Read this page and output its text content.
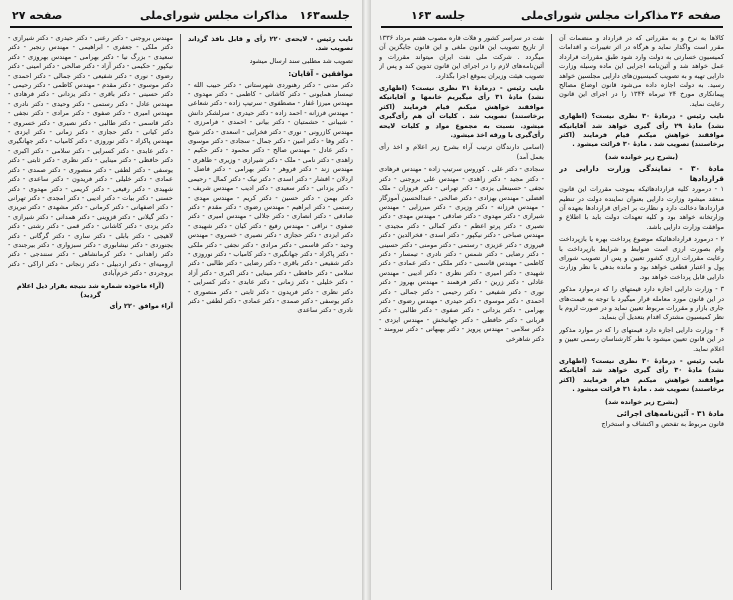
صفحه ۲۷	مذاکرات مجلس شورای‌ملی جلسه۱۶۳

نایب رئیس - لایحه‌ی ۲۲۰ رأی و قابل نافذ گرداند تصویب شد.

تصویب شد مطلبی سند ارسال میشود

موافقین - آقایان:

دکتر مدنی - دکتر رهنوردی شهرستانی - دکتر حبیب الله - تیمسار همایونی - دکتر کاشانی - کاظمی - دکتر مهدوی - مهندس میرزا غفار - مصطفوی - سرتیپ زاده - دکتر شعاعی - مهندس فرزانه - احمد زاده - دکتر حیدری - سرلشکر دانش - شیبانی - حشمتیان - دکتر بیانی - احمدی - فرامرزی - مهندس کازرونی - نوری - دکتر فخرایی - اسعدی - دکتر شیخ - دکتر وفا - دکتر امین - دکتر جمال - سجادی - دکتر موسوی - دکتر عادل - مهندس صالح - دکتر محمود - دکتر حکیم - زاهدی - دکتر نامی - ملک - دکتر شیرازی - وزیری - طاهری - مهندس زند - دکتر فروهر - دکتر بهرامی - دکتر فاضل - اردلان - افشار - دکتر اسدی - دکتر نیک - دکتر کمال - رحیمی - دکتر یزدانی - دکتر سعیدی - دکتر ادیب - مهندس شریف - دکتر بهمن - دکتر حسین - دکتر کریم - مهندس مهدی - رستمی - دکتر ابراهیم - مهندس رضوی - دکتر مقدم - دکتر صادقی - دکتر انصاری - دکتر جلالی - مهندس امیری - دکتر صفوی - نراقی - مهندس رفیع - دکتر کیان - دکتر شهیدی - دکتر ایزدی - دکتر حجازی - دکتر نصیری - خسروی - مهندس وحید - دکتر قاسمی - دکتر مرادی - دکتر نجفی - دکتر ملکی - دکتر پاکزاد - دکتر جهانگیری - دکتر کامیاب - دکتر نوروزی - دکتر شفیعی - دکتر باقری - دکتر رضایی - دکتر طالبی - دکتر سلامی - دکتر حافظی - دکتر مینایی - دکتر اکبری - دکتر آزاد - دکتر خلیلی - دکتر زمانی - دکتر عابدی - دکتر کسرایی - دکتر نظری - دکتر فریدون - دکتر ثابتی - دکتر منصوری - دکتر یوسفی - دکتر صمدی - دکتر عمادی - دکتر لطفی - دکتر نادری - دکتر ساعدی

مهندس بروجنی - دکتر رعنی - دکتر حیدری - دکتر شیرازی - دکتر ملکی - جعفری - ابراهیمی - مهندس رنجبر - دکتر سعیدی - بزرگ نیا - دکتر بهرامی - مهندس بهروزی - دکتر نیکپور - حکیمی - دکتر آزاد - دکتر صالحی - دکتر امینی - دکتر رضوی - نوری - دکتر شفیعی - دکتر جمالی - دکتر احمدی - دکتر موسوی - دکتر مقدم - مهندس کاظمی - دکتر رحیمی - دکتر حسینی - دکتر باقری - دکتر یزدانی - دکتر فرهادی - مهندس عادل - دکتر رستمی - دکتر وحیدی - دکتر نادری - مهندس امیری - دکتر صفوی - دکتر مرادی - دکتر نجفی - دکتر قاسمی - دکتر طالبی - دکتر نصیری - دکتر خسروی - دکتر کیانی - دکتر حجازی - دکتر زمانی - دکتر ایزدی - مهندس پاکزاد - دکتر نوروزی - دکتر کامیاب - دکتر جهانگیری - دکتر عابدی - دکتر کسرایی - دکتر سلامی - دکتر اکبری - دکتر حافظی - دکتر مینایی - دکتر نظری - دکتر ثابتی - دکتر یوسفی - دکتر لطفی - دکتر منصوری - دکتر صمدی - دکتر عمادی - دکتر خلیلی - دکتر فریدون - دکتر ساعدی - دکتر شهیدی - دکتر رفیعی - دکتر کریمی - دکتر مهدوی - دکتر حسنی - دکتر بیات - دکتر ادیبی - دکتر امجدی - دکتر تهرانی - دکتر اصفهانی - دکتر کرمانی - دکتر مشهدی - دکتر تبریزی - دکتر گیلانی - دکتر قزوینی - دکتر همدانی - دکتر شیرازی - دکتر یزدی - دکتر کاشانی - دکتر قمی - دکتر رشتی - دکتر لاهیجی - دکتر بابلی - دکتر ساری - دکتر گرگانی - دکتر بجنوردی - دکتر نیشابوری - دکتر سبزواری - دکتر بیرجندی - دکتر زاهدانی - دکتر کرمانشاهی - دکتر سنندجی - دکتر ارومیه‌ای - دکتر اردبیلی - دکتر زنجانی - دکتر اراکی - دکتر بروجردی - دکتر خرم‌آبادی

(آراء ماخوذه شماره شد نتیجه بقرار ذیل اعلام گردید)

آراء موافق ۲۲۰ رأی

صفحه ۳۶
مذاکرات مجلس شورای‌ملی
جلسه ۱۶۳

کالاها به نرخ و به مقرراتی که در قرارداد و منضمات آن مقرر است واگذار نماید و هرگاه در اثر تغییرات و اقدامات کمیسیون خسارتی به دولت وارد شود طبق مقررات قرارداد عمل خواهد شد و آئین‌نامه اجرایی این ماده وسیله وزارت دارایی تهیه و به تصویب کمیسیون‌های دارایی مجلسین خواهد رسید. به دولت اجازه داده می‌شود قانون اوضاع مصالح پیمانکاری مورخ ۲۴ تیرماه ۱۳۴۴ را در اجرای این قانون رعایت نماید.

نایب رئیس - درمادۀ ۳۰ نظری نیست؟ (اظهاری نشد) مادۀ ۲۹ رأی گیری خواهد شد آقایانیکه موافقند خواهش میکنم قیام فرمایند (اکثر برخاستند) تصویب شد . مادۀ ۳۰ قرائت میشود .

(بشرح زیر خوانده شد)

مادۀ ۳۰ - نمایندگی وزارت دارایی در قراردادها

۱ - درمورد کلیه قراردادهائیکه بموجب مقررات این قانون منعقد میشود وزارت دارایی بعنوان نماینده دولت در تنظیم قراردادها دخالت دارد و نظارت بر اجرای قراردادها بعهده آن وزارتخانه خواهد بود و کلیه تعهدات دولت باید با اطلاع و موافقت وزارت دارایی باشد.

۲ - درمورد قراردادهائیکه موضوع پرداخت بهره یا بازپرداخت وام بصورت ارزی است ضوابط و شرایط بازپرداخت با رعایت مقررات ارزی کشور تعیین و پس از تصویب شورای پول و اعتبار قطعی خواهد بود و مانده بدهی با نظر وزارت دارایی قابل پرداخت خواهد بود.

۳ - وزارت دارایی اجازه دارد قیمتهای را که درموارد مذکور در این قانون مورد معامله قرار میگیرد با توجه به قیمت‌های جاری بازار و مقررات مربوط تعیین نماید و در صورت لزوم با نظر کمیسیون مشترک اقدام بتعدیل آن بنماید.

۴ - وزارت دارایی اجازه دارد قیمتهای را که در موارد مذکور در این قانون تعیین میشود با نظر کارشناسان رسمی تعیین و اعلام نماید.

نایب رئیس - درمادۀ ۳۰ نظری نیست؟ (اظهاری نشد) مادۀ ۳۰ رأی گیری خواهد شد آقایانیکه موافقند خواهش میکنم قیام فرمایند (اکثر برخاستند) تصویب شد . مادۀ ۳۱ قرائت میشود .

(بشرح زیر خوانده شد)

مادۀ ۳۱ - آئین‌نامه‌های اجرائی

قانون مربوط به تفحص و اکتشاف و استخراج

نفت در سراسر کشور و فلات قاره مصوب هفتم مرداد ۱۳۳۶ از تاریخ تصویب این قانون ملغی و این قانون جایگزین آن میگردد . شرکت ملی نفت ایران میتواند مقررات و آئین‌نامه‌های لازم را در اجرای این قانون تدوین کند و پس از تصویب هیئت وزیران بموقع اجرا بگذارد.

نایب رئیس - درمادۀ ۳۱ نظری نیست؟ (اظهاری نشد) مادۀ ۳۱ رأی میگیریم خانمها و آقایانیکه موافقند خواهش میکنم قیام فرمایند (اکثر برخاستند) تصویب شد . کلیات آن هم رأی‌گیری میشود. نسبت به مجموع مواد و کلیات لایحه رأی‌گیری با ورقه اخذ میشود.

(اسامی دارندگان ترتیب آراء بشرح زیر اعلام و اخذ رأی بعمل آمد)

سجادی - دکتر علی . کوروس سرتیپ زاده - مهندس فرهادی - دکتر مجید - دکتر زاهدی - مهندس علی بروجنی - دکتر نجفی - حسینعلی یزدی - دکتر تهرانی - دکتر فروزان - ملک افضلی - مهندس بهزادی - دکتر صالحی - عبدالحسین آموزگار - مهندس فرزانه - دکتر وزیری - دکتر میرزایی - مهندس شیرازی - دکتر مهدوی - دکتر صادقی - مهندس مهدی - دکتر نصیری - دکتر پرتو اعظم - دکتر کمالی - دکتر مجیدی - مهندس صباحی - دکتر نیکپور - دکتر اسدی - فخرالدین - دکتر فیروزی - دکتر عزیزی - رستمی - دکتر مومنی - دکتر حسینی - دکتر رضایی - دکتر شمس - دکتر نادری - تیمسار - دکتر کاظمی - مهندس قاسمی - دکتر ملکی - دکتر عمادی - دکتر شهیدی - دکتر امیری - دکتر نظری - دکتر ادیبی - مهندس عادلی - دکتر زرین - دکتر فرهمند - مهندس بهروز - دکتر نوری - دکتر شفیعی - دکتر رحیمی - دکتر جمالی - دکتر احمدی - دکتر موسوی - دکتر حیدری - مهندس رضوی - دکتر بهرامی - دکتر یزدانی - دکتر صفوی - دکتر طالبی - دکتر قربانی - دکتر حافظی - دکتر جهانبخش - مهندس ایزدی - دکتر سلامی - مهندس پرویز - دکتر بهبهانی - دکتر نیرومند - دکتر شاهرخی
